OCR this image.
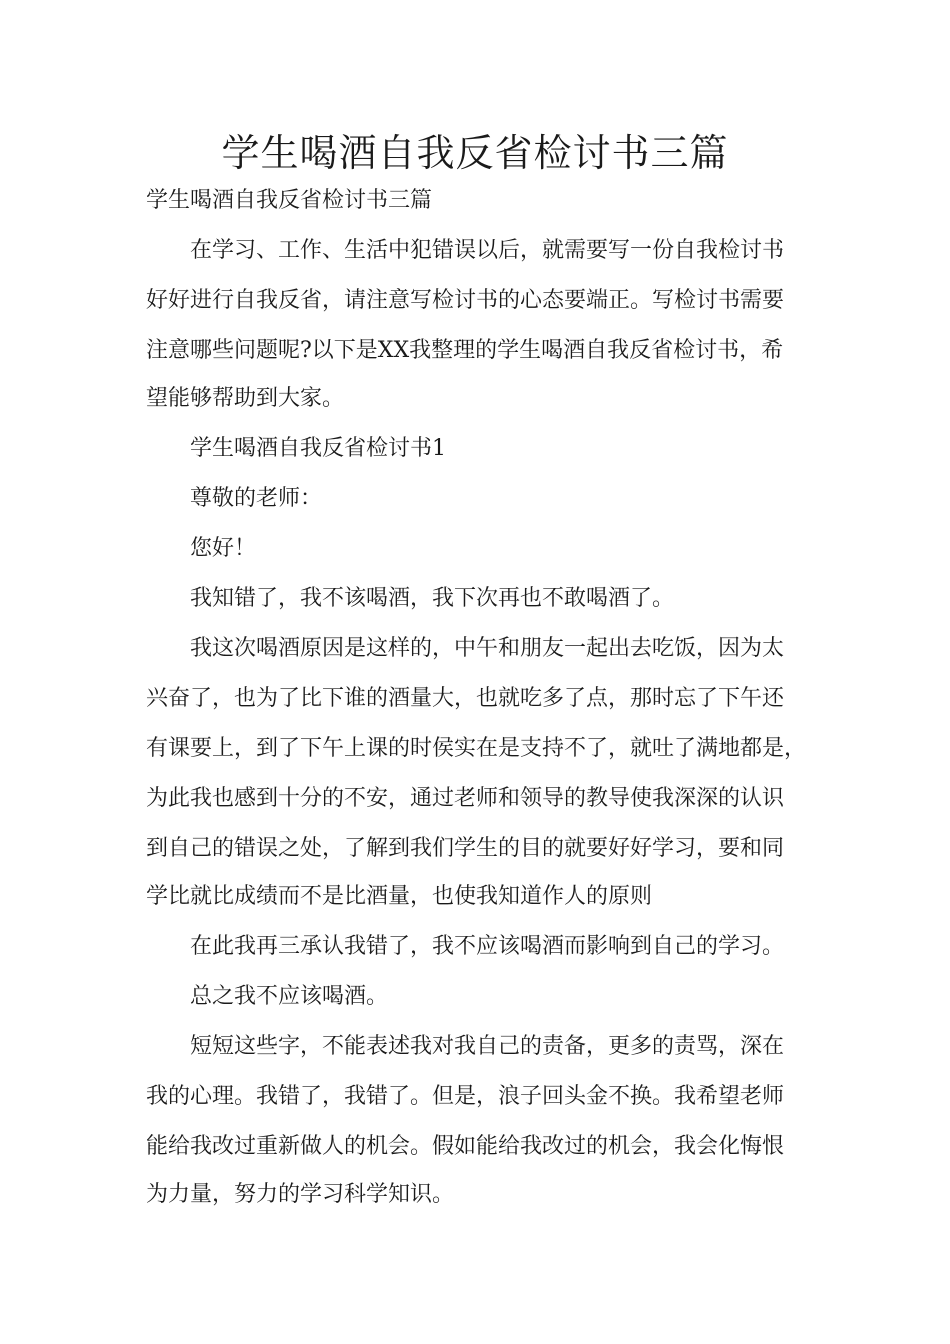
学生喝酒自我反省检讨书三篇
学生喝酒自我反省检讨书三篇
在学习、工作、生活中犯错误以后，就需要写一份自我检讨书
好好进行自我反省，请注意写检讨书的心态要端正。写检讨书需要
注意哪些问题呢?以下是XX我整理的学生喝酒自我反省检讨书，希
望能够帮助到大家。
学生喝酒自我反省检讨书1
尊敬的老师：
您好！
我知错了，我不该喝酒，我下次再也不敢喝酒了。
我这次喝酒原因是这样的，中午和朋友一起出去吃饭，因为太
兴奋了，也为了比下谁的酒量大，也就吃多了点，那时忘了下午还
有课要上，到了下午上课的时侯实在是支持不了，就吐了满地都是，
为此我也感到十分的不安，通过老师和领导的教导使我深深的认识
到自己的错误之处，了解到我们学生的目的就要好好学习，要和同
学比就比成绩而不是比酒量，也使我知道作人的原则
在此我再三承认我错了，我不应该喝酒而影响到自己的学习。
总之我不应该喝酒。
短短这些字，不能表述我对我自己的责备，更多的责骂，深在
我的心理。我错了，我错了。但是，浪子回头金不换。我希望老师
能给我改过重新做人的机会。假如能给我改过的机会，我会化悔恨
为力量，努力的学习科学知识。
